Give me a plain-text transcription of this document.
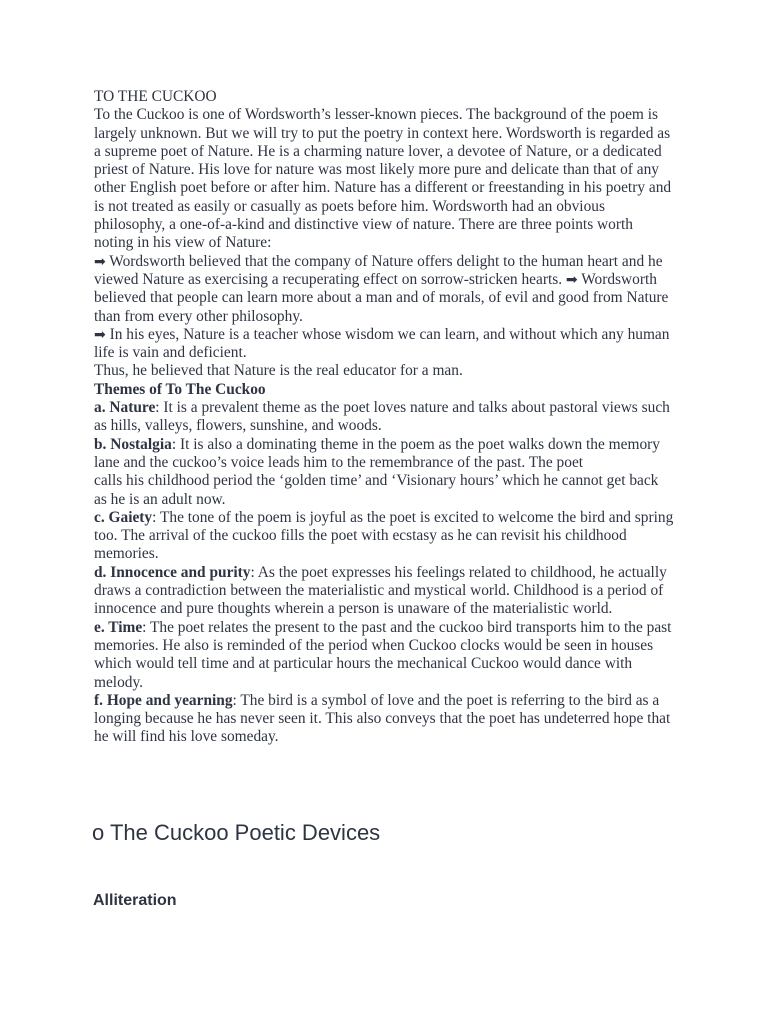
TO THE CUCKOO

To the Cuckoo is one of Wordsworth’s lesser-known pieces. The background of the poem is largely unknown. But we will try to put the poetry in context here. Wordsworth is regarded as a supreme poet of Nature. He is a charming nature lover, a devotee of Nature, or a dedicated priest of Nature. His love for nature was most likely more pure and delicate than that of any other English poet before or after him. Nature has a different or freestanding in his poetry and is not treated as easily or casually as poets before him. Wordsworth had an obvious philosophy, a one-of-a-kind and distinctive view of nature. There are three points worth noting in his view of Nature:
➡ Wordsworth believed that the company of Nature offers delight to the human heart and he viewed Nature as exercising a recuperating effect on sorrow-stricken hearts. ➡ Wordsworth believed that people can learn more about a man and of morals, of evil and good from Nature than from every other philosophy.

➡ In his eyes, Nature is a teacher whose wisdom we can learn, and without which any human life is vain and deficient.

Thus, he believed that Nature is the real educator for a man.

Themes of To The Cuckoo

a. Nature: It is a prevalent theme as the poet loves nature and talks about pastoral views such as hills, valleys, flowers, sunshine, and woods.

b. Nostalgia: It is also a dominating theme in the poem as the poet walks down the memory lane and the cuckoo’s voice leads him to the remembrance of the past. The poet

calls his childhood period the ‘golden time’ and ‘Visionary hours’ which he cannot get back as he is an adult now.

c. Gaiety: The tone of the poem is joyful as the poet is excited to welcome the bird and spring too. The arrival of the cuckoo fills the poet with ecstasy as he can revisit his childhood memories.

d. Innocence and purity: As the poet expresses his feelings related to childhood, he actually draws a contradiction between the materialistic and mystical world. Childhood is a period of innocence and pure thoughts wherein a person is unaware of the materialistic world.

e. Time: The poet relates the present to the past and the cuckoo bird transports him to the past memories. He also is reminded of the period when Cuckoo clocks would be seen in houses which would tell time and at particular hours the mechanical Cuckoo would dance with melody.

f. Hope and yearning: The bird is a symbol of love and the poet is referring to the bird as a longing because he has never seen it. This also conveys that the poet has undeterred hope that he will find his love someday.

o The Cuckoo Poetic Devices
Alliteration
